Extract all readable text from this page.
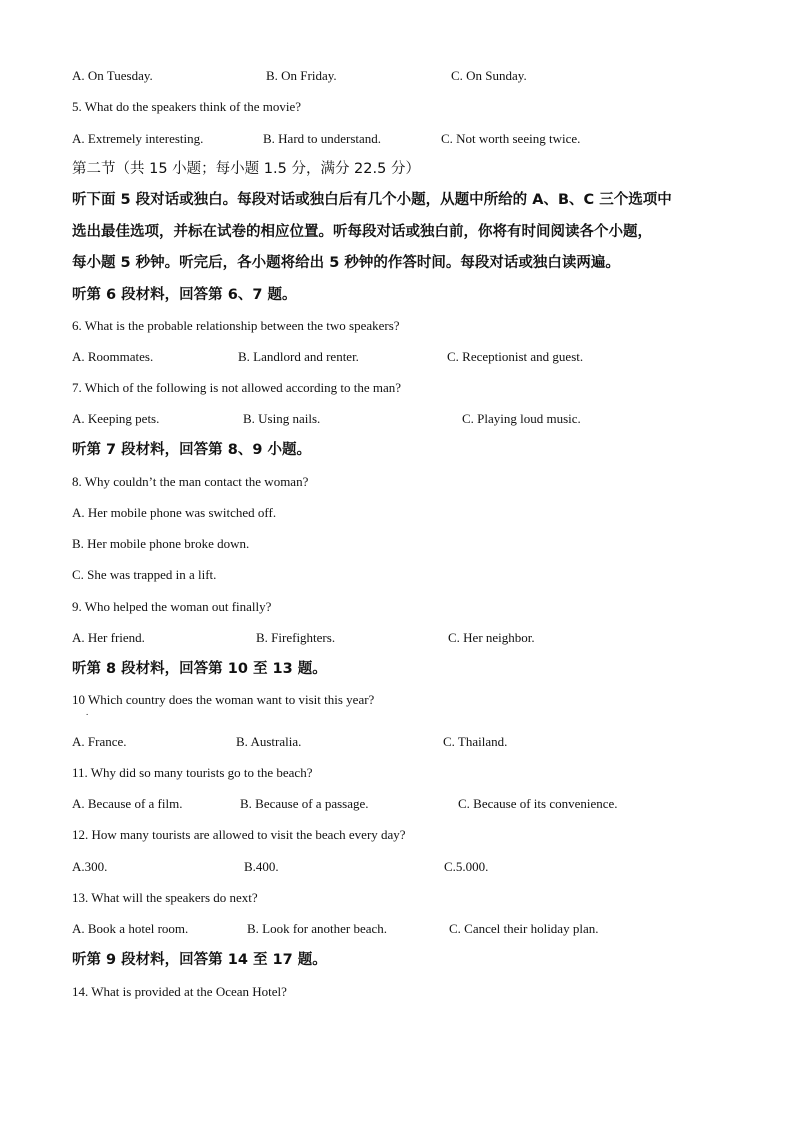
A. On Tuesday.	B. On Friday.	C. On Sunday.
5. What do the speakers think of the movie?
A. Extremely interesting.	B. Hard to understand.	C. Not worth seeing twice.
第二节（共 15 小题；每小题 1.5 分，满分 22.5 分）
听下面 5 段对话或独白。每段对话或独白后有几个小题，从题中所给的 A、B、C 三个选项中
选出最佳选项，并标在试卷的相应位置。听每段对话或独白前，你将有时间阅读各个小题，
每小题 5 秒钟。听完后，各小题将给出 5 秒钟的作答时间。每段对话或独白读两遍。
听第 6 段材料，回答第 6、7 题。
6. What is the probable relationship between the two speakers?
A. Roommates.	B. Landlord and renter.	C. Receptionist and guest.
7. Which of the following is not allowed according to the man?
A. Keeping pets.	B. Using nails.	C. Playing loud music.
听第 7 段材料，回答第 8、9 小题。
8. Why couldn’t the man contact the woman?
A. Her mobile phone was switched off.
B. Her mobile phone broke down.
C. She was trapped in a lift.
9. Who helped the woman out finally?
A. Her friend.	B. Firefighters.	C. Her neighbor.
听第 8 段材料，回答第 10 至 13 题。
10 Which country does the woman want to visit this year?
.
A. France.	B. Australia.	C. Thailand.
11. Why did so many tourists go to the beach?
A. Because of a film.	B. Because of a passage.	C. Because of its convenience.
12. How many tourists are allowed to visit the beach every day?
A.300.	B.400.	C.5.000.
13. What will the speakers do next?
A. Book a hotel room.	B. Look for another beach.	C. Cancel their holiday plan.
听第 9 段材料，回答第 14 至 17 题。
14. What is provided at the Ocean Hotel?
